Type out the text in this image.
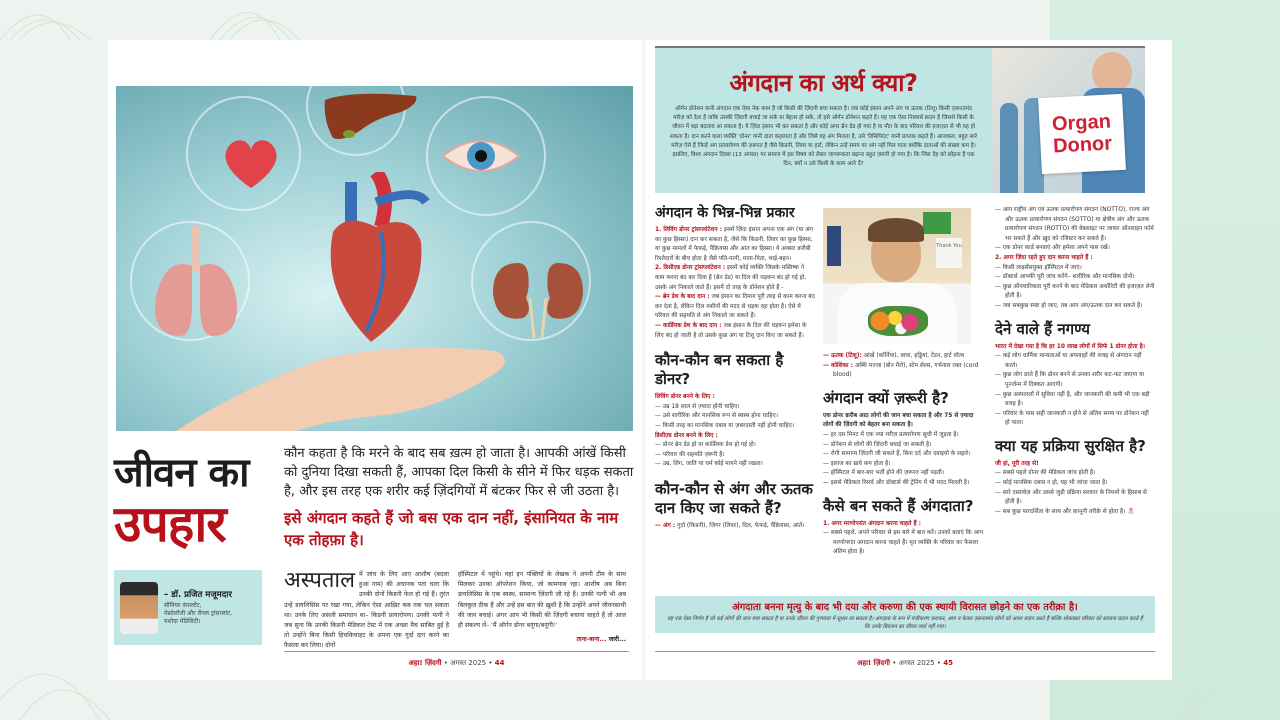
जीवन का
उपहार

कौन कहता है कि मरने के बाद सब ख़त्म हो जाता है। आपकी आंखें किसी को दुनिया दिखा सकती हैं, आपका दिल किसी के सीने में फिर धड़क सकता है, और इस तरह एक शरीर कई ज़िंदगियों में बंटकर फिर से जी उठता है।

इसे अंगदान कहते हैं जो बस एक दान नहीं, इंसानियत के नाम एक तोहफ़ा है।

– डॉ. प्रजित मजूमदार
सीनियर कंसल्टेंट,
नेफ्रोलॉजी और रीनल ट्रांसप्लांट,
यशोदा मेडिसिटी।
अस्पताल में जांच के लिए आए आशीष (बदला हुआ नाम) की अचानक पता चला कि उनकी दोनों किडनी फेल हो गई हैं। तुरंत उन्हें डायलिसिस पर रखा गया, लेकिन ऐसा आख़िर कब तक चल सकता था। उनके लिए असली समाधान था– किडनी प्रत्यारोपण। उनकी पत्नी ने जब सुना कि उनकी किडनी मेडिकल टेस्ट में एक अच्छा मैच साबित हुई है तो उन्होंने बिना किसी हिचकिचाहट के अपना एक गुर्दा दान करने का फैसला कर लिया। दोनों
हॉस्पिटल में पहुंचे। वहां इन पंक्तियों के लेखक ने अपनी टीम के साथ मिलकर उनका ऑपरेशन किया, जो कामयाब रहा। आशीष अब बिना डायलिसिस के एक स्वस्थ, सामान्य ज़िंदगी जी रहे हैं। उनकी पत्नी भी अब बिलकुल ठीक हैं और उन्हें इस बात की ख़ुशी है कि उन्होंने अपने जीवनसाथी की जान बचाई। अगर आप भी किसी की ज़िंदगी बचाना चाहते हैं तो आज ही संकल्प लें– 'मैं ऑर्गन डोनर बनूंगा/बनूंगी!'
ताना-बाना... जारी...
अहा! ज़िंदगी • अगस्त 2025 • 44
अंगदान का अर्थ क्या?
ऑर्गन डोनेशन यानी अंगदान एक ऐसा नेक काम है जो किसी की ज़िंदगी बचा सकता है। जब कोई इंसान अपने अंग या ऊतक (टिशू) किसी ज़रूरतमंद मरीज़ को देता है ताकि उसकी ज़िंदगी बचाई जा सके या बेहतर हो सके, तो इसे ऑर्गन डोनेशन कहते हैं। यह एक ऐसा निस्वार्थ क़दम है जिससे किसी के जीवन में बड़ा बदलाव आ सकता है। ये ज़िंदा इंसान भी कर सकता है और कोई अगर ब्रेन डेड हो गया है या मौत के बाद परिवार की इजाज़त से भी यह हो सकता है। दान करने वाला व्यक्ति 'डोनर' यानी दाता कहलाता है और जिसे यह अंग मिलता है, उसे 'रिसिपिएंट' यानी प्राप्तक कहते हैं। आजकल, बहुत सारे मरीज़ ऐसे हैं जिन्हें अंग प्रत्यारोपण की ज़रूरत है जैसे किडनी, लिवर या हार्ट, लेकिन उन्हें समय पर अंग नहीं मिल पाता क्योंकि दाताओं की संख्या कम है। इसलिए, विश्व अंगदान दिवस (13 अगस्त) पर समाज में इस विषय को लेकर जागरूकता बढ़ाना बहुत ज़रूरी हो गया है। कि जिस देह को छोड़ना है एक दिन, क्यों न उसे किसी के काम आने दें?
Organ
Donor
अंगदान के भिन्न-भिन्न प्रकार

1. लिविंग डोनर ट्रांसप्लांटेशन : इसमें ज़िंदा इंसान अपना एक अंग (या अंग का कुछ हिस्सा) दान कर सकता है, जैसे कि किडनी, लिवर का कुछ हिस्सा, या कुछ मामलों में फेफड़े, पैंक्रियास और आंत का हिस्सा। ये अक्सर क़रीबी रिश्तेदारों के बीच होता है जैसे पति-पत्नी, माता-पिता, भाई-बहन।

2. डिसीज़्ड डोनर ट्रांसप्लांटेशन : इसमें कोई व्यक्ति जिसके मस्तिष्क ने काम करना बंद कर दिया है (ब्रेन डेड) या दिल की धड़कन बंद हो गई हो, उसके अंग निकाले जाते हैं। इसमें दो तरह के डोनेशन होते हैं -

— ब्रेन डेथ के बाद दान : जब इंसान का दिमाग़ पूरी तरह से काम करना बंद कर देता है, लेकिन दिल मशीनों की मदद से धड़क रहा होता है। ऐसे में परिवार की सहमति से अंग निकाले जा सकते हैं।

— कार्डियक डेथ के बाद दान : जब इंसान के दिल की धड़कन हमेशा के लिए बंद हो जाती है तो उसके कुछ अंग या टिशू दान किए जा सकते हैं।

कौन-कौन बन सकता है डोनर?

लिविंग डोनर बनने के लिए :

— उम्र 18 साल से ज़्यादा होनी चाहिए।

— उसे शारीरिक और मानसिक रूप से स्वस्थ होना चाहिए।

— किसी तरह का मानसिक दबाव या ज़बरदस्ती नहीं होनी चाहिए।

डिसीज़्ड डोनर बनने के लिए :

— डोनर ब्रेन डेड हो या कार्डियक डेथ हो गई हो।

— परिवार की सहमति ज़रूरी है।

— उम्र, लिंग, जाति या धर्म कोई मायने नहीं रखता।

कौन-कौन से अंग और ऊतक दान किए जा सकते हैं?

— अंग : गुर्दा (किडनी), जिगर (लिवर), दिल, फेफड़े, पैंक्रियास, आंतें।

Thank You

— ऊतक (टिशू): आंखें (कॉर्निया), त्वचा, हड्डियां, टेंडन, हार्ट वॉल्व

— कोशिका : अस्थि मज्जा (बोन मैरो), स्टेम सेल्स, गर्भनाल रक्त (cord blood)

अंगदान क्यों ज़रूरी है?

एक डोनर क़रीब आठ लोगों की जान बचा सकता है और 75 से ज़्यादा लोगों की ज़िंदगी को बेहतर बना सकता है।

— हर दस मिनट में एक नया मरीज़ प्रत्यारोपण सूची में जुड़ता है।

— डोनेशन से लोगों की ज़िंदगी बचाई जा सकती है।

— रोगी सामान्य ज़िंदगी जी सकते हैं, बिना दर्द और दवाइयों के सहारे।

— इलाज का ख़र्च कम होता है।

— हॉस्पिटल में बार-बार भर्ती होने की ज़रूरत नहीं पड़ती।

— इससे मेडिकल रिसर्च और डॉक्टर्स की ट्रेनिंग में भी मदद मिलती है।

कैसे बन सकते हैं अंगदाता?

1. अगर मरणोपरांत अंगदान करना चाहते हैं :

— सबसे पहले, अपने परिवार से इस बारे में बात करें। उनको बताएं कि आप मरणोपरांत अंगदान करना चाहते हैं। मृत व्यक्ति के परिवार का फैसला अंतिम होता है।

— आप राष्ट्रीय अंग एवं ऊतक प्रत्यारोपण संगठन (NOTTO), राज्य अंग और ऊतक प्रत्यारोपण संगठन (SOTTO) या क्षेत्रीय अंग और ऊतक प्रत्यारोपण संगठन (ROTTO) की वेबसाइट पर जाकर ऑनलाइन फॉर्म भर सकते हैं और ख़ुद को रजिस्टर कर सकते हैं।

— एक डोनर कार्ड बनवाएं और हमेशा अपने पास रखें।

2. अगर ज़िंदा रहते हुए दान करना चाहते हैं :

— किसी लाइसेंसयुक्त हॉस्पिटल में जाएं।

— डॉक्टर्स आपकी पूरी जांच करेंगे– शारीरिक और मानसिक दोनों।

— कुछ औपचारिकता पूरी करने के बाद मेडिकल अथॉरिटी की इजाज़त लेनी होती है।

— जब सबकुछ स्पष्ट हो जाए, तब आप अंग/ऊतक दान कर सकते हैं।

देने वाले हैं नगण्य

भारत में देखा गया है कि हर 10 लाख लोगों में सिर्फ 1 डोनर होता है।

— कई लोग धार्मिक मान्यताओं या अफवाहों की वजह से अंगदान नहीं करते।

— कुछ लोग डरते हैं कि डोनर बनने से उनका शरीर कट-फट जाएगा या पुनर्जन्म में दिक्कत आएगी।

— कुछ अस्पतालों में सुविधा नहीं है, और जानकारी की कमी भी एक बड़ी वजह है।

— परिवार के पास सही जानकारी न होने से अंतिम समय पर डोनेशन नहीं हो पाता।

क्या यह प्रक्रिया सुरक्षित है?

जी हां, पूरी तरह से!

— सबसे पहले डोनर की मेडिकल जांच होती है।

— कोई मानसिक दबाव न हो, यह भी जांचा जाता है।

— सारे दस्तावेज़ और उससे जुड़ी प्रक्रिया सरकार के नियमों के हिसाब से होती है।

— सब कुछ पारदर्शिता के साथ और क़ानूनी तरीक़े से होता है। 🎗

अंगदाता बनना मृत्यु के बाद भी दया और करुणा की एक स्थायी विरासत छोड़ने का एक तरीक़ा है।
यह एक ऐसा निर्णय है जो कई लोगों की जान बचा सकता है या उनके जीवन की गुणवत्ता में सुधार ला सकता है। अंगदाता के रूप में पंजीकरण कराकर, आप न केवल ज़रूरतमंद लोगों को आशा प्रदान करते हैं बल्कि शोकग्रस्त परिवार को सांत्वना प्रदान करते हैं कि उनके प्रियजन का जीवन व्यर्थ नहीं गया।
अहा! ज़िंदगी • अगस्त 2025 • 45
